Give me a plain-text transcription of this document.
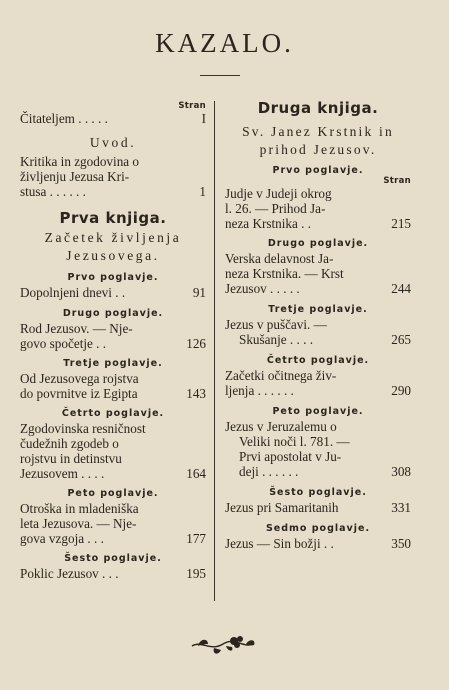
KAZALO.
Stran
Čitateljem . . . . .	I
Uvod.
Kritika in zgodovina o
življenju Jezusa Kri-
stusa . . . . . .	1
Prva knjiga.
Začetek življenja
Jezusovega.
Prvo poglavje.
Dopolnjeni dnevi . .	91
Drugo poglavje.
Rod Jezusov. — Nje-
govo spočetje . .	126
Tretje poglavje.
Od Jezusovega rojstva
do povrnitve iz Egipta	143
Četrto poglavje.
Zgodovinska resničnost
čudežnih zgodeb o
rojstvu in detinstvu
Jezusovem . . . .	164
Peto poglavje.
Otroška in mladeniška
leta Jezusova. — Nje-
gova vzgoja . . .	177
Šesto poglavje.
Poklic Jezusov . . .	195
Druga knjiga.
Sv. Janez Krstnik in
prihod Jezusov.
Prvo poglavje.
Stran
Judje v Judeji okrog
l. 26. — Prihod Ja-
neza Krstnika . .	215
Drugo poglavje.
Verska delavnost Ja-
neza Krstnika. — Krst
Jezusov . . . . .	244
Tretje poglavje.
Jezus v puščavi. —
Skušanje . . . .	265
Četrto poglavje.
Začetki očitnega živ-
ljenja . . . . . .	290
Peto poglavje.
Jezus v Jeruzalemu o
Veliki noči l. 781. —
Prvi apostolat v Ju-
deji . . . . . .	308
Šesto poglavje.
Jezus pri Samaritanih	331
Sedmo poglavje.
Jezus — Sin božji . .	350
